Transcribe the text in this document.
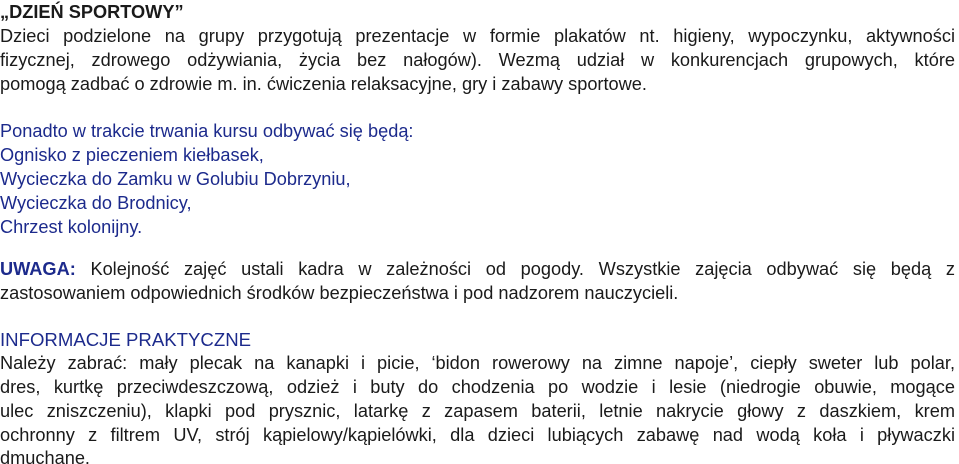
„DZIEŃ SPORTOWY”
Dzieci podzielone na grupy przygotują prezentacje w formie plakatów nt. higieny, wypoczynku, aktywności
fizycznej, zdrowego odżywiania, życia bez nałogów). Wezmą udział w konkurencjach grupowych, które
pomogą zadbać o zdrowie m. in. ćwiczenia relaksacyjne, gry i zabawy sportowe.
Ponadto w trakcie trwania kursu odbywać się będą:
Ognisko z pieczeniem kiełbasek,
Wycieczka do Zamku w Golubiu Dobrzyniu,
Wycieczka do Brodnicy,
Chrzest kolonijny.
UWAGA: Kolejność zajęć ustali kadra w zależności od pogody. Wszystkie zajęcia odbywać się będą z
zastosowaniem odpowiednich środków bezpieczeństwa i pod nadzorem nauczycieli.
INFORMACJE PRAKTYCZNE
Należy zabrać: mały plecak na kanapki i picie, ‘bidon rowerowy na zimne napoje’, ciepły sweter lub polar,
dres, kurtkę przeciwdeszczową, odzież i buty do chodzenia po wodzie i lesie (niedrogie obuwie, mogące
ulec zniszczeniu), klapki pod prysznic, latarkę z zapasem baterii, letnie nakrycie głowy z daszkiem, krem
ochronny z filtrem UV, strój kąpielowy/kąpielówki, dla dzieci lubiących zabawę nad wodą koła i pływaczki
dmuchane.
